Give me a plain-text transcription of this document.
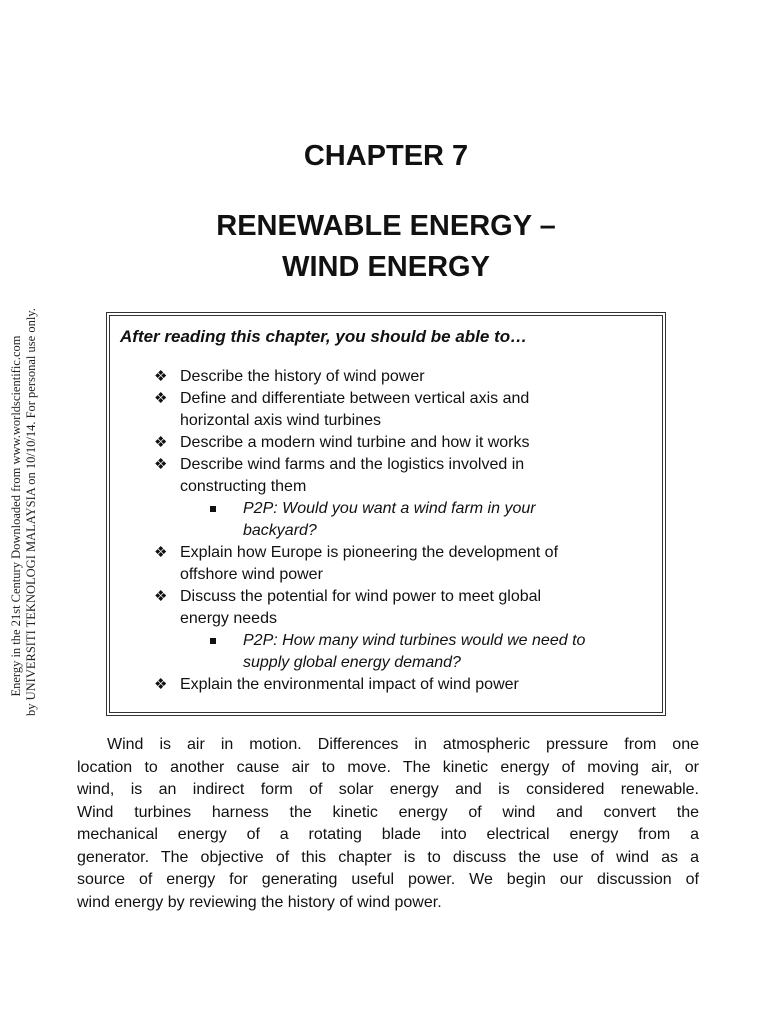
Energy in the 21st Century Downloaded from www.worldscientific.com by UNIVERSITI TEKNOLOGI MALAYSIA on 10/10/14. For personal use only.
CHAPTER 7
RENEWABLE ENERGY –
WIND ENERGY
After reading this chapter, you should be able to…
❖ Describe the history of wind power
❖ Define and differentiate between vertical axis and
horizontal axis wind turbines
❖ Describe a modern wind turbine and how it works
❖ Describe wind farms and the logistics involved in
constructing them
P2P: Would you want a wind farm in your
backyard?
❖ Explain how Europe is pioneering the development of
offshore wind power
❖ Discuss the potential for wind power to meet global
energy needs
P2P: How many wind turbines would we need to
supply global energy demand?
❖ Explain the environmental impact of wind power
Wind is air in motion. Differences in atmospheric pressure from one
location to another cause air to move. The kinetic energy of moving air, or
wind, is an indirect form of solar energy and is considered renewable.
Wind turbines harness the kinetic energy of wind and convert the
mechanical energy of a rotating blade into electrical energy from a
generator. The objective of this chapter is to discuss the use of wind as a
source of energy for generating useful power. We begin our discussion of
wind energy by reviewing the history of wind power.
